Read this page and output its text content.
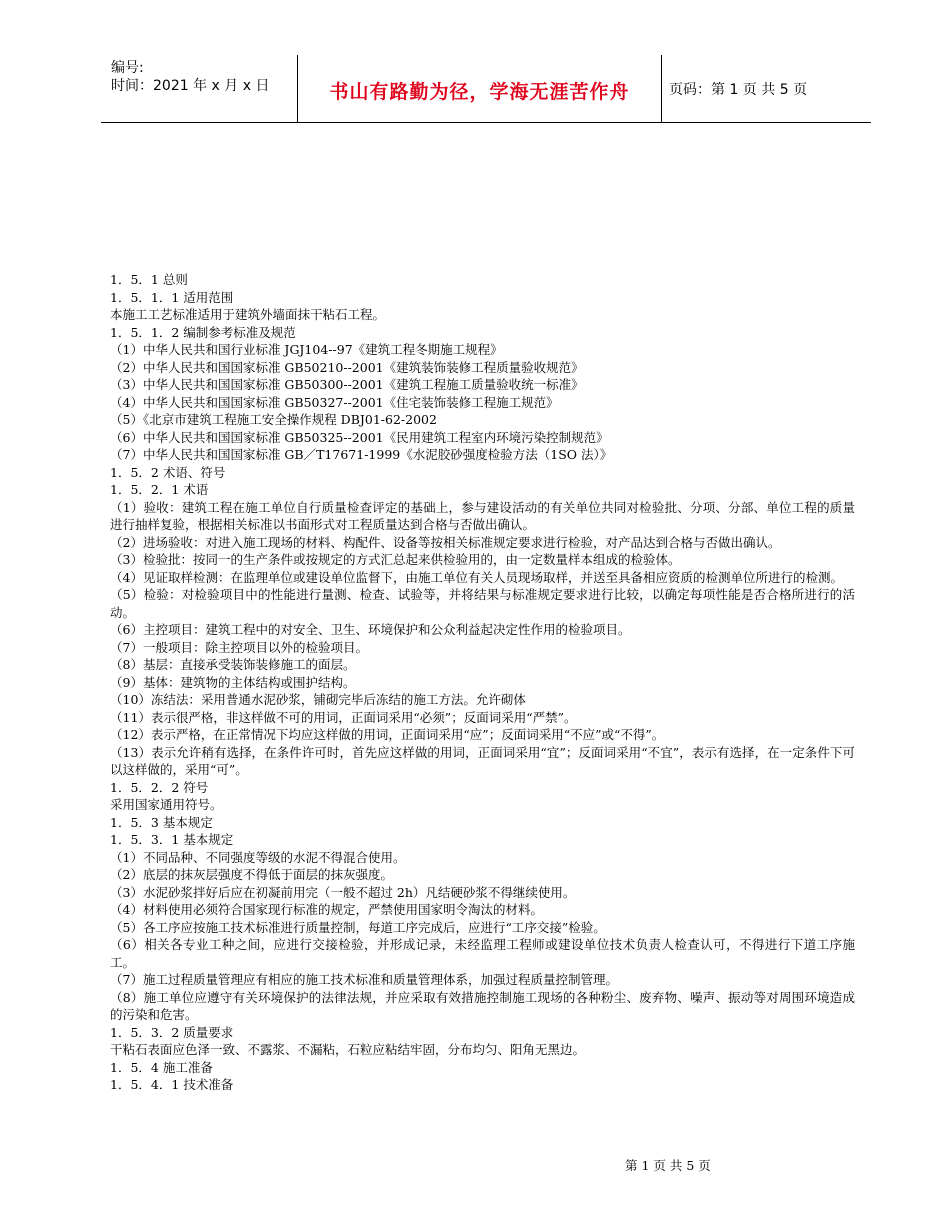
编号:
时间：2021 年 x 月 x 日	书山有路勤为径，学海无涯苦作舟	页码：第 1 页 共 5 页

1．5．1 总则

1．5．1．1 适用范围

本施工工艺标准适用于建筑外墙面抹干粘石工程。

1．5．1．2 编制参考标准及规范

（1）中华人民共和国行业标准 JGJ104--97《建筑工程冬期施工规程》

（2）中华人民共和国国家标准 GB50210--2001《建筑装饰装修工程质量验收规范》

（3）中华人民共和国国家标准 GB50300--2001《建筑工程施工质量验收统一标准》

（4）中华人民共和国国家标准 GB50327--2001《住宅装饰装修工程施工规范》

（5）《北京市建筑工程施工安全操作规程 DBJ01-62-2002

（6）中华人民共和国国家标准 GB50325--2001《民用建筑工程室内环境污染控制规范》

（7）中华人民共和国国家标准 GB／T17671-1999《水泥胶砂强度检验方法（1SO 法）》

1．5．2 术语、符号

1．5．2．1 术语

（1）验收：建筑工程在施工单位自行质量检查评定的基础上，参与建设活动的有关单位共同对检验批、分项、分部、单位工程的质量进行抽样复验，根据相关标准以书面形式对工程质量达到合格与否做出确认。

（2）进场验收：对进入施工现场的材料、构配件、设备等按相关标准规定要求进行检验，对产品达到合格与否做出确认。

（3）检验批：按同一的生产条件或按规定的方式汇总起来供检验用的，由一定数量样本组成的检验体。

（4）见证取样检测：在监理单位或建设单位监督下，由施工单位有关人员现场取样，并送至具备相应资质的检测单位所进行的检测。

（5）检验：对检验项目中的性能进行量测、检查、试验等，并将结果与标准规定要求进行比较，以确定每项性能是否合格所进行的活动。

（6）主控项目：建筑工程中的对安全、卫生、环境保护和公众利益起决定性作用的检验项目。

（7）一般项目：除主控项目以外的检验项目。

（8）基层：直接承受装饰装修施工的面层。

（9）基体：建筑物的主体结构或围护结构。

（10）冻结法：采用普通水泥砂浆，铺砌完毕后冻结的施工方法。允许砌体

（11）表示很严格，非这样做不可的用词，正面词采用“必须”；反面词采用“严禁”。

（12）表示严格，在正常情况下均应这样做的用词，正面词采用“应”；反面词采用“不应”或“不得”。

（13）表示允许稍有选择，在条件许可时，首先应这样做的用词，正面词采用“宜”；反面词采用“不宜”，表示有选择，在一定条件下可以这样做的，采用“可”。

1．5．2．2 符号

采用国家通用符号。

1．5．3 基本规定

1．5．3．1 基本规定

（1）不同品种、不同强度等级的水泥不得混合使用。

（2）底层的抹灰层强度不得低于面层的抹灰强度。

（3）水泥砂浆拌好后应在初凝前用完（一般不超过 2h）凡结硬砂浆不得继续使用。

（4）材料使用必须符合国家现行标准的规定，严禁使用国家明令淘汰的材料。

（5）各工序应按施工技术标准进行质量控制，每道工序完成后，应进行“工序交接”检验。

（6）相关各专业工种之间，应进行交接检验，并形成记录，未经监理工程师或建设单位技术负责人检查认可，不得进行下道工序施工。

（7）施工过程质量管理应有相应的施工技术标准和质量管理体系，加强过程质量控制管理。

（8）施工单位应遵守有关环境保护的法律法规，并应采取有效措施控制施工现场的各种粉尘、废弃物、噪声、振动等对周围环境造成的污染和危害。

1．5．3．2 质量要求

干粘石表面应色泽一致、不露浆、不漏粘，石粒应粘结牢固，分布均匀、阳角无黑边。

1．5．4 施工准备

1．5．4．1 技术准备

第 1 页 共 5 页
